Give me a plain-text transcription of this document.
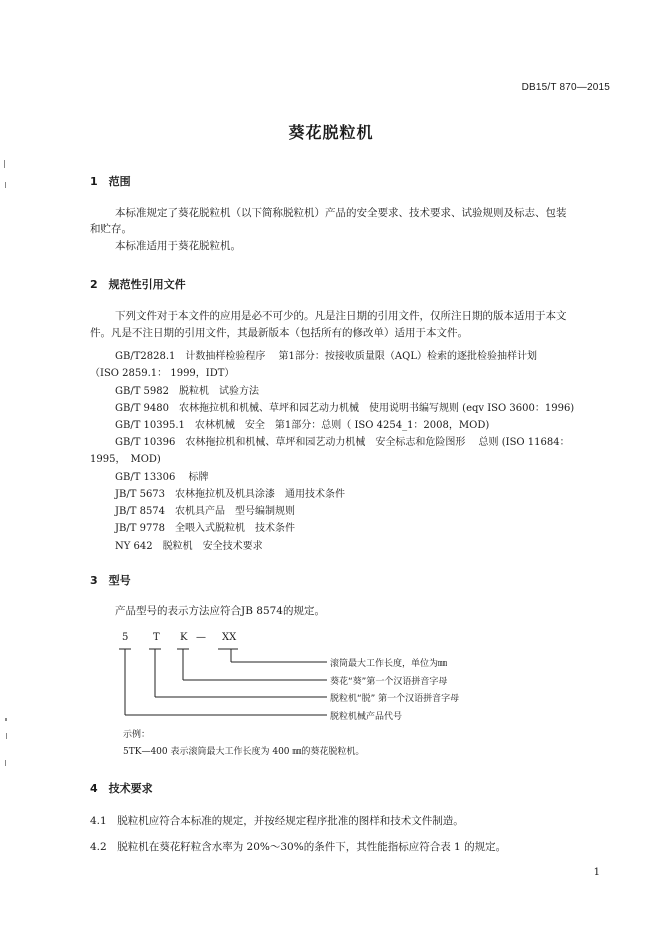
DB15/T 870—2015
葵花脱粒机
1　范围
本标准规定了葵花脱粒机（以下简称脱粒机）产品的安全要求、技术要求、试验规则及标志、包装
和贮存。
本标准适用于葵花脱粒机。
2　规范性引用文件
下列文件对于本文件的应用是必不可少的。凡是注日期的引用文件，仅所注日期的版本适用于本文
件。凡是不注日期的引用文件，其最新版本（包括所有的修改单）适用于本文件。
GB/T2828.1　计数抽样检验程序　 第1部分：按接收质量限（AQL）检索的逐批检验抽样计划
（ISO 2859.1： 1999，IDT）
GB/T 5982　脱粒机　试验方法
GB/T 9480　农林拖拉机和机械、草坪和园艺动力机械　使用说明书编写规则 (eqv ISO 3600：1996)
GB/T 10395.1　农林机械　安全　第1部分：总则（ ISO 4254_1：2008，MOD)
GB/T 10396　农林拖拉机和机械、草坪和园艺动力机械　安全标志和危险图形　 总则 (ISO 11684：
1995，　MOD)
GB/T 13306　 标牌
JB/T 5673　农林拖拉机及机具涂漆　通用技术条件
JB/T 8574　农机具产品　型号编制规则
JB/T 9778　全喂入式脱粒机　技术条件
NY 642　脱粒机　安全技术要求
3　型号
产品型号的表示方法应符合JB 8574的规定。
5 T K — XX
滚筒最大工作长度，单位为㎜
葵花“葵”第一个汉语拼音字母
脱粒机“脱” 第一个汉语拼音字母
脱粒机械产品代号
示例：
5TK—400 表示滚筒最大工作长度为 400 ㎜的葵花脱粒机。
4　技术要求
4.1　脱粒机应符合本标准的规定，并按经规定程序批准的图样和技术文件制造。
4.2　脱粒机在葵花籽粒含水率为 20%～30%的条件下，其性能指标应符合表 1 的规定。
1
